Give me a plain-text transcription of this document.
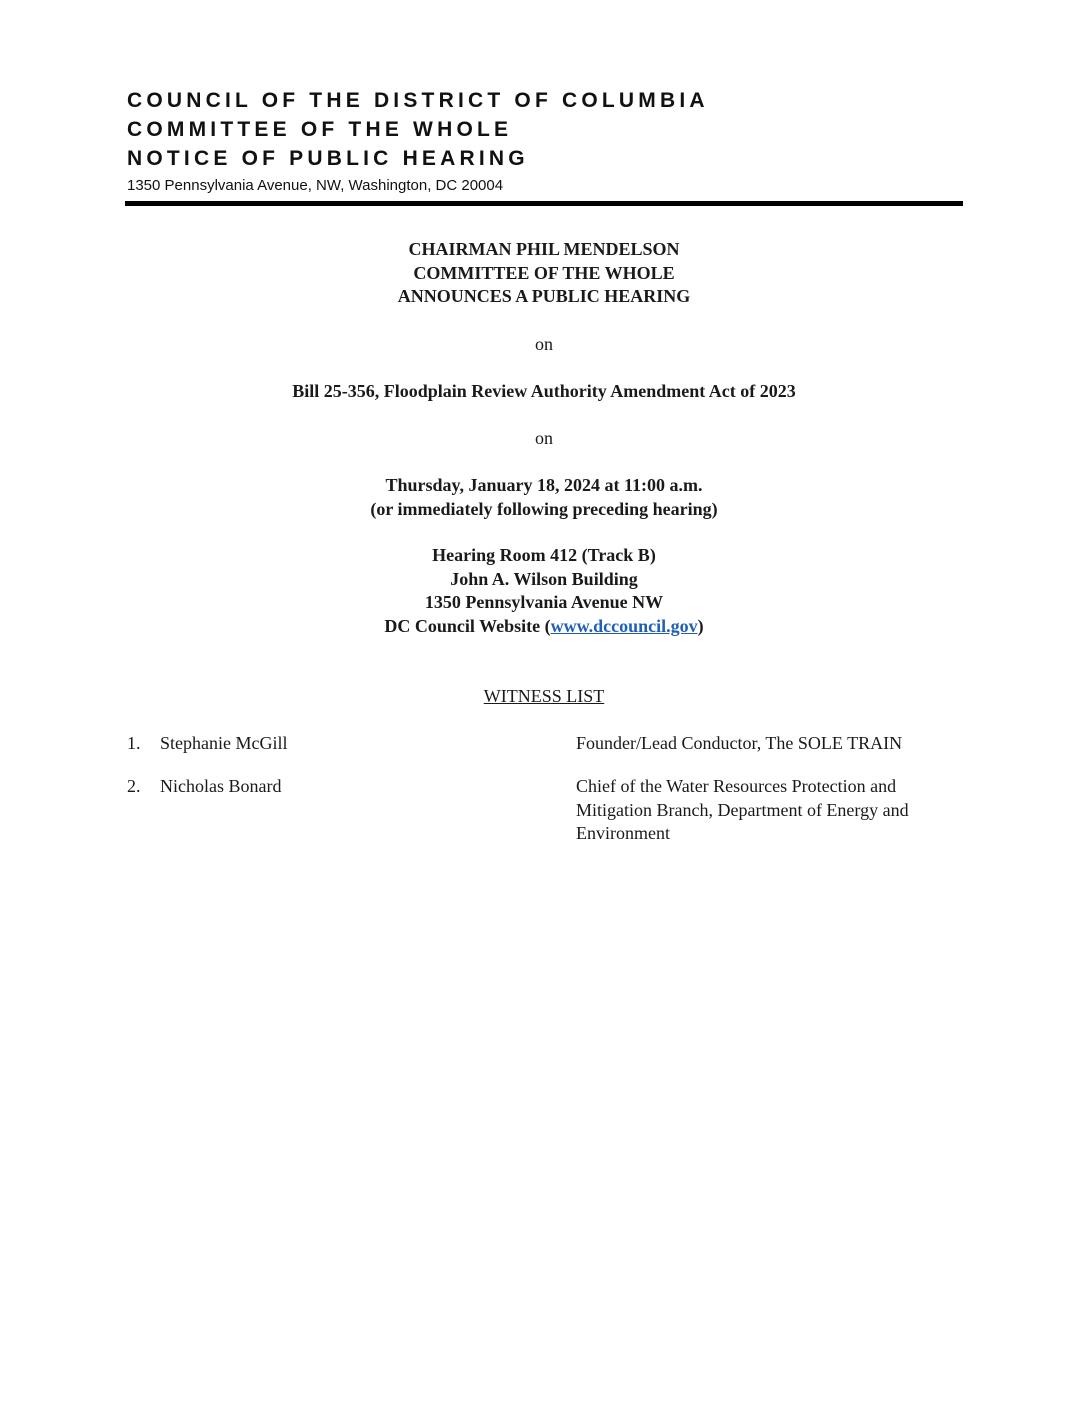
COUNCIL OF THE DISTRICT OF COLUMBIA
COMMITTEE OF THE WHOLE
NOTICE OF PUBLIC HEARING
1350 Pennsylvania Avenue, NW, Washington, DC 20004
CHAIRMAN PHIL MENDELSON
COMMITTEE OF THE WHOLE
ANNOUNCES A PUBLIC HEARING
on
Bill 25-356, Floodplain Review Authority Amendment Act of 2023
on
Thursday, January 18, 2024 at 11:00 a.m.
(or immediately following preceding hearing)
Hearing Room 412 (Track B)
John A. Wilson Building
1350 Pennsylvania Avenue NW
DC Council Website (www.dccouncil.gov)
WITNESS LIST
1. Stephanie McGill	Founder/Lead Conductor, The SOLE TRAIN
2. Nicholas Bonard	Chief of the Water Resources Protection and
Mitigation Branch, Department of Energy and
Environment
